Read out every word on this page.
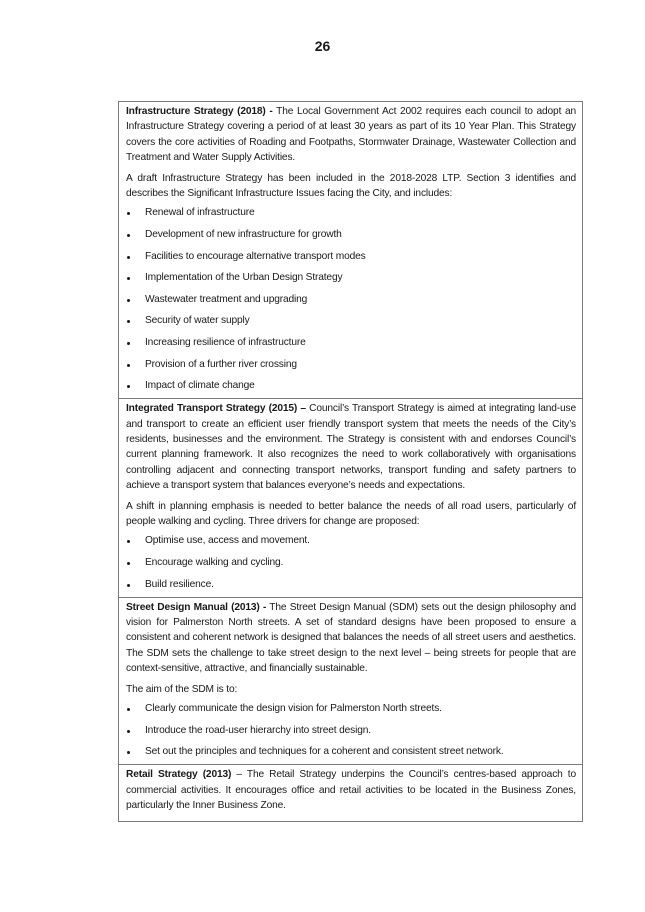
26

Infrastructure Strategy (2018) - The Local Government Act 2002 requires each council to adopt an Infrastructure Strategy covering a period of at least 30 years as part of its 10 Year Plan. This Strategy covers the core activities of Roading and Footpaths, Stormwater Drainage, Wastewater Collection and Treatment and Water Supply Activities.

A draft Infrastructure Strategy has been included in the 2018-2028 LTP. Section 3 identifies and describes the Significant Infrastructure Issues facing the City, and includes:

Renewal of infrastructure
Development of new infrastructure for growth
Facilities to encourage alternative transport modes
Implementation of the Urban Design Strategy
Wastewater treatment and upgrading
Security of water supply
Increasing resilience of infrastructure
Provision of a further river crossing
Impact of climate change

Integrated Transport Strategy (2015) – Council’s Transport Strategy is aimed at integrating land-use and transport to create an efficient user friendly transport system that meets the needs of the City’s residents, businesses and the environment. The Strategy is consistent with and endorses Council’s current planning framework. It also recognizes the need to work collaboratively with organisations controlling adjacent and connecting transport networks, transport funding and safety partners to achieve a transport system that balances everyone’s needs and expectations.

A shift in planning emphasis is needed to better balance the needs of all road users, particularly of people walking and cycling. Three drivers for change are proposed:

Optimise use, access and movement.
Encourage walking and cycling.
Build resilience.

Street Design Manual (2013) - The Street Design Manual (SDM) sets out the design philosophy and vision for Palmerston North streets. A set of standard designs have been proposed to ensure a consistent and coherent network is designed that balances the needs of all street users and aesthetics. The SDM sets the challenge to take street design to the next level – being streets for people that are context-sensitive, attractive, and financially sustainable.

The aim of the SDM is to:

Clearly communicate the design vision for Palmerston North streets.
Introduce the road-user hierarchy into street design.
Set out the principles and techniques for a coherent and consistent street network.

Retail Strategy (2013) – The Retail Strategy underpins the Council’s centres-based approach to commercial activities. It encourages office and retail activities to be located in the Business Zones, particularly the Inner Business Zone.
